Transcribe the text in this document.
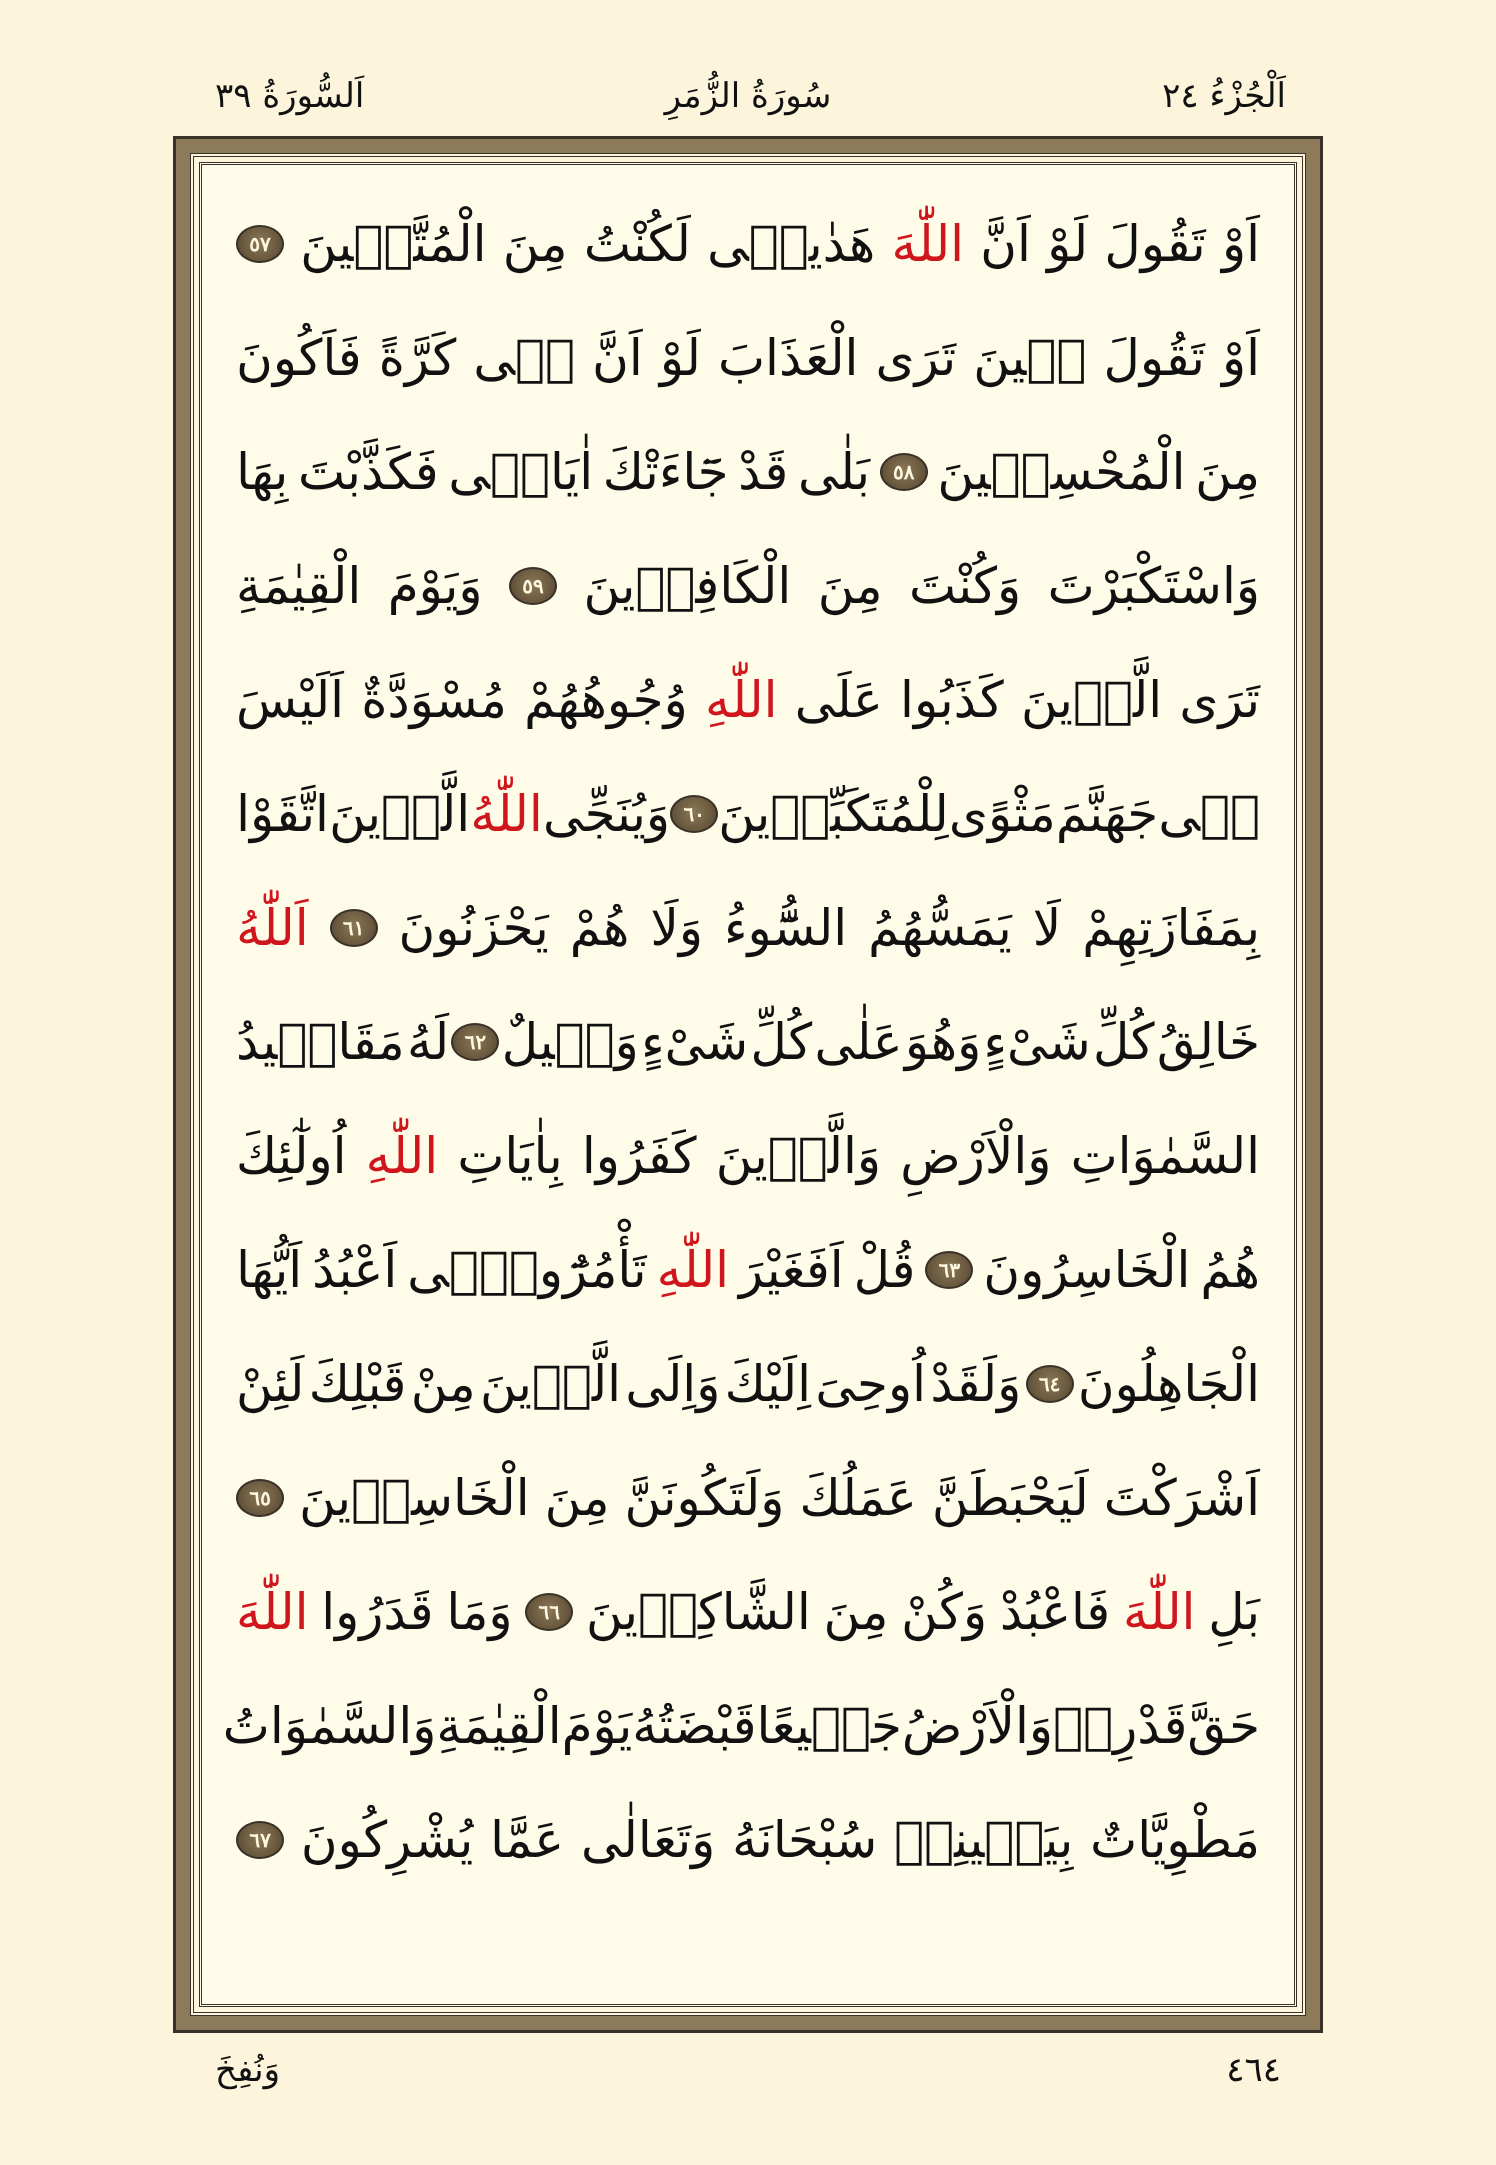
اَلْجُزْءُ ٢٤
سُورَةُ الزُّمَرِ
اَلسُّورَةُ ٣٩
اَوْ
تَقُولَ
لَوْ
اَنَّ
اللّٰهَ
هَدٰينٖى
لَكُنْتُ
مِنَ
الْمُتَّقٖينَ
٥٧
اَوْ
تَقُولَ
حٖينَ
تَرَى
الْعَذَابَ
لَوْ
اَنَّ
لٖى
كَرَّةً
فَاَكُونَ
مِنَ
الْمُحْسِنٖينَ
٥٨
بَلٰى
قَدْ
جَٓاءَتْكَ
اٰيَاتٖى
فَكَذَّبْتَ
بِهَا
وَاسْتَكْبَرْتَ
وَكُنْتَ
مِنَ
الْكَافِرٖينَ
٥٩
وَيَوْمَ
الْقِيٰمَةِ
تَرَى
الَّذٖينَ
كَذَبُوا
عَلَى
اللّٰهِ
وُجُوهُهُمْ
مُسْوَدَّةٌ
اَلَيْسَ
فٖى
جَهَنَّمَ
مَثْوًى
لِلْمُتَكَبِّرٖينَ
٦٠
وَيُنَجِّى
اللّٰهُ
الَّذٖينَ
اتَّقَوْا
بِمَفَازَتِهِمْ
لَا
يَمَسُّهُمُ
السُّٓوءُ
وَلَا
هُمْ
يَحْزَنُونَ
٦١
اَللّٰهُ
خَالِقُ
كُلِّ
شَیْءٍ
وَهُوَ
عَلٰى
كُلِّ
شَیْءٍ
وَكٖيلٌ
٦٢
لَهُ
مَقَالٖيدُ
السَّمٰوَاتِ
وَالْاَرْضِ
وَالَّذٖينَ
كَفَرُوا
بِاٰيَاتِ
اللّٰهِ
اُولٰٓئِكَ
هُمُ
الْخَاسِرُونَ
٦٣
قُلْ
اَفَغَيْرَ
اللّٰهِ
تَأْمُرُٓونّٖى
اَعْبُدُ
اَيُّهَا
الْجَاهِلُونَ
٦٤
وَلَقَدْ
اُوحِىَ
اِلَيْكَ
وَاِلَى
الَّذٖينَ
مِنْ
قَبْلِكَ
لَئِنْ
اَشْرَكْتَ
لَيَحْبَطَنَّ
عَمَلُكَ
وَلَتَكُونَنَّ
مِنَ
الْخَاسِرٖينَ
٦٥
بَلِ
اللّٰهَ
فَاعْبُدْ
وَكُنْ
مِنَ
الشَّاكِرٖينَ
٦٦
وَمَا
قَدَرُوا
اللّٰهَ
حَقَّ
قَدْرِهٖ
وَالْاَرْضُ
جَمٖيعًا
قَبْضَتُهُ
يَوْمَ
الْقِيٰمَةِ
وَالسَّمٰوَاتُ
مَطْوِيَّاتٌ
بِيَمٖينِهٖ
سُبْحَانَهُ
وَتَعَالٰى
عَمَّا
يُشْرِكُونَ
٦٧
٤٦٤
وَنُفِخَ
